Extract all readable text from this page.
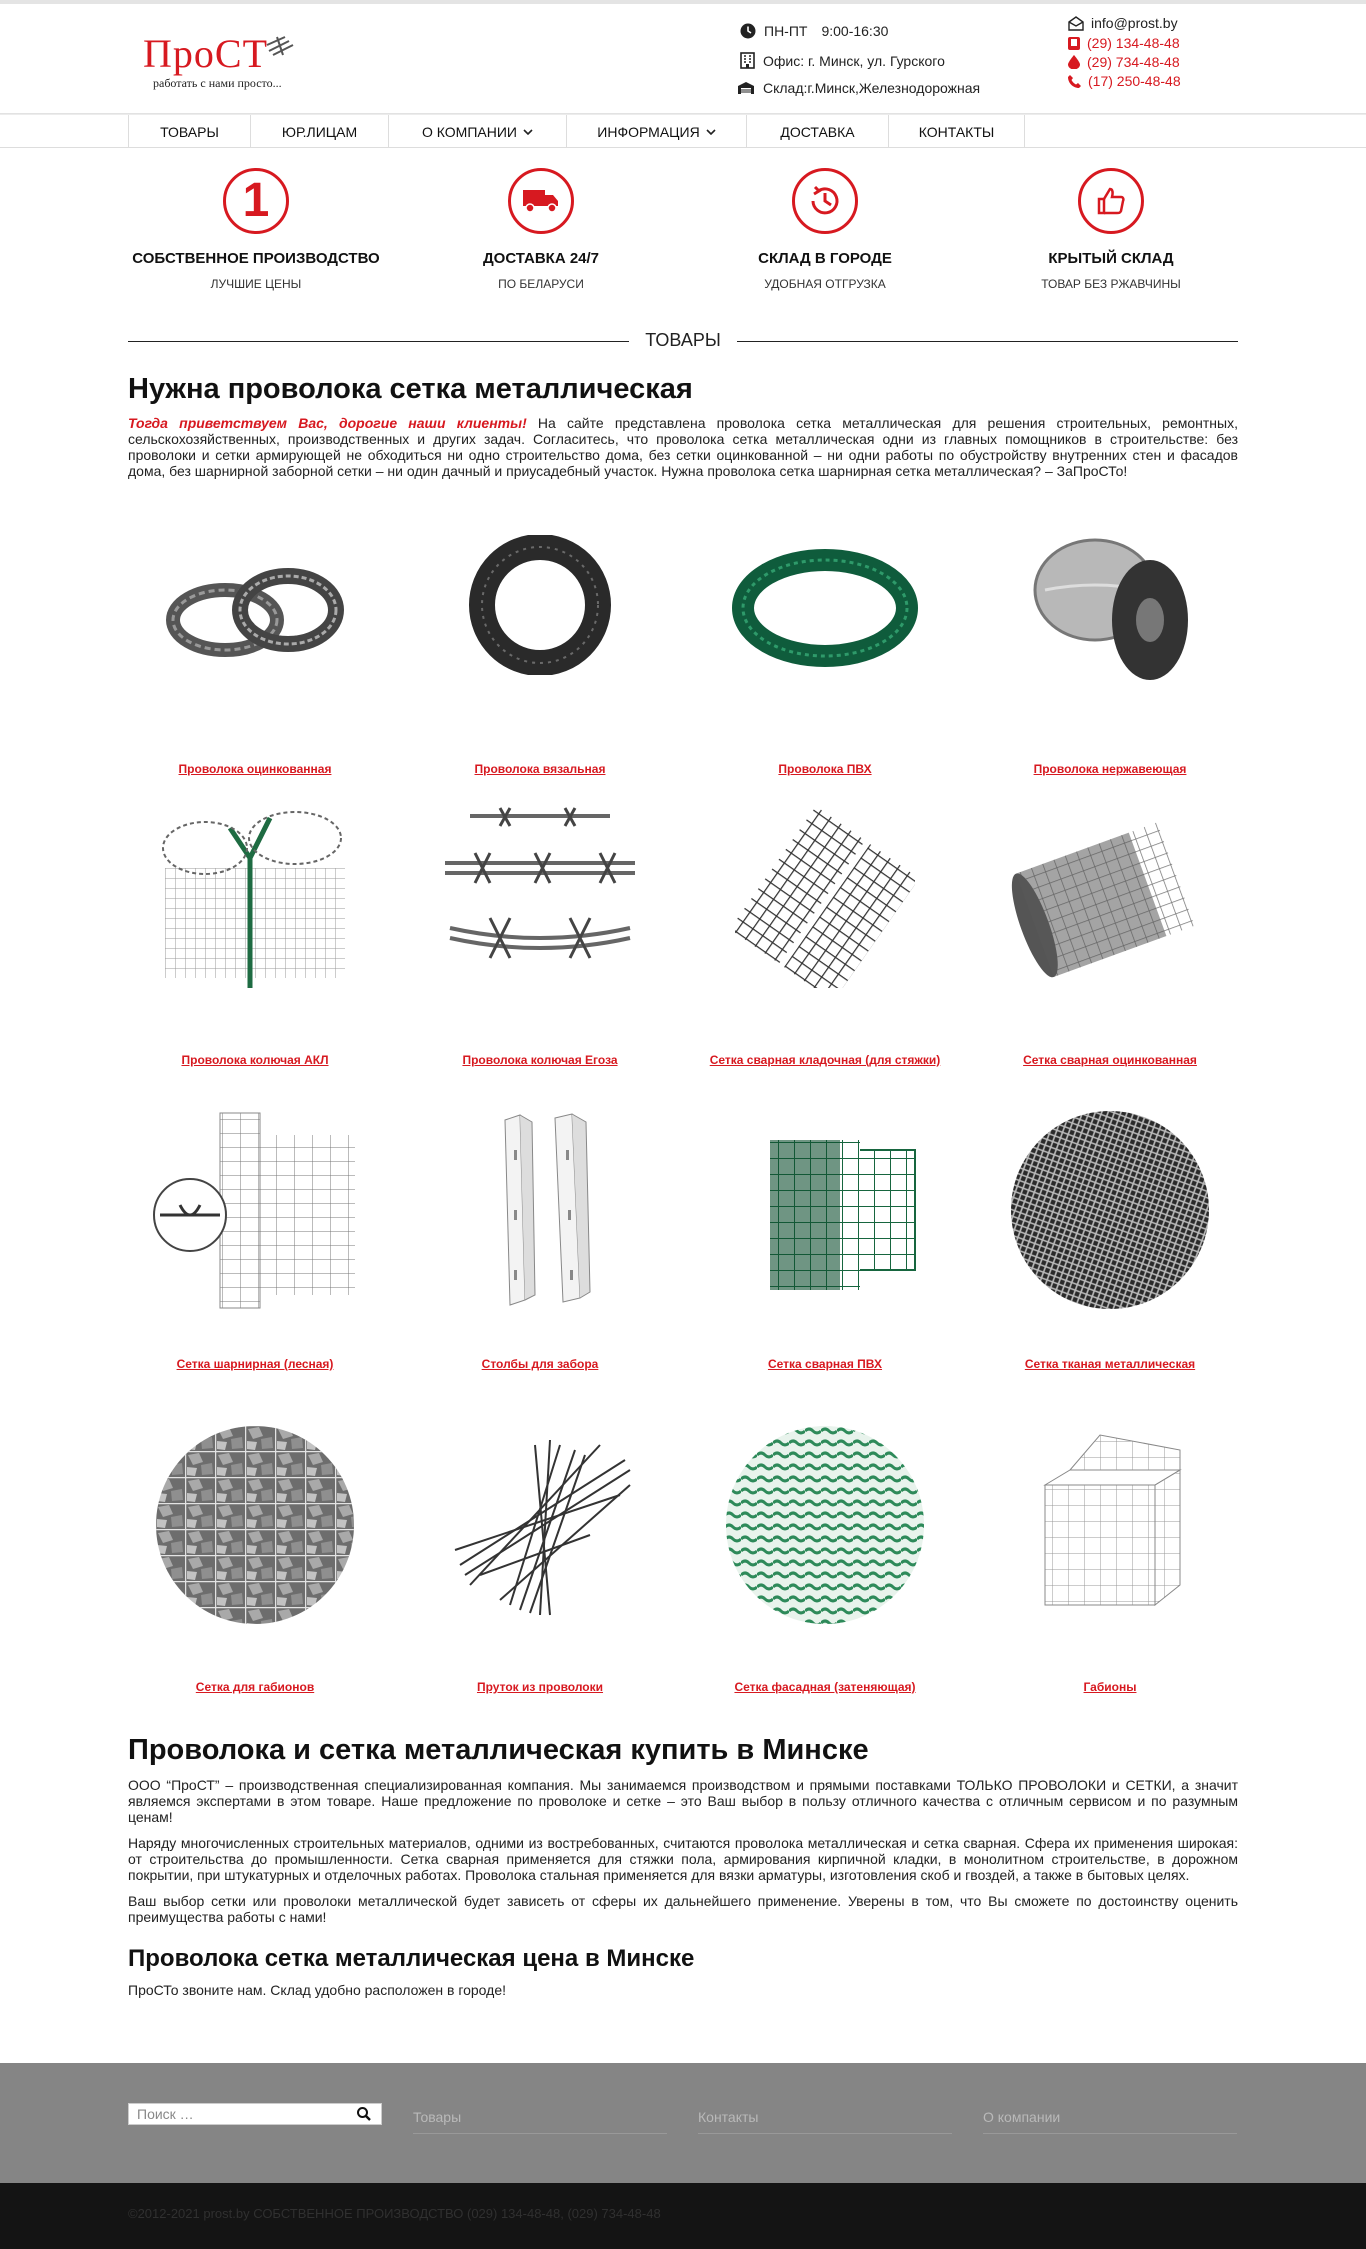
ПроСТ
работать с нами просто...
ПН-ПТ 9:00-16:30
Офис: г. Минск, ул. Гурского
Склад:г.Минск,Железнодорожная
info@prost.by
(29) 134-48-48
(29) 734-48-48
(17) 250-48-48
ТОВАРЫ	ЮР.ЛИЦАМ	О КОМПАНИИ	ИНФОРМАЦИЯ	ДОСТАВКА	КОНТАКТЫ
1
СОБСТВЕННОЕ ПРОИЗВОДСТВО
ЛУЧШИЕ ЦЕНЫ
ДОСТАВКА 24/7
ПО БЕЛАРУСИ
СКЛАД В ГОРОДЕ
УДОБНАЯ ОТГРУЗКА
КРЫТЫЙ СКЛАД
ТОВАР БЕЗ РЖАВЧИНЫ
ТОВАРЫ
Нужна проволока сетка металлическая

Тогда приветствуем Вас, дорогие наши клиенты! На сайте представлена проволока сетка металлическая для решения строительных, ремонтных, сельскохозяйственных, производственных и других задач. Согласитесь, что проволока сетка металлическая одни из главных помощников в строительстве: без проволоки и сетки армирующей не обходиться ни одно строительство дома, без сетки оцинкованной – ни одни работы по обустройству внутренних стен и фасадов дома, без шарнирной заборной сетки – ни один дачный и приусадебный участок. Нужна проволока сетка шарнирная сетка металлическая? – ЗаПроСТо!

Проволока оцинкованная	Проволока вязальная	Проволока ПВХ	Проволока нержавеющая
Проволока колючая АКЛ	Проволока колючая Егоза	Сетка сварная кладочная (для стяжки)	Сетка сварная оцинкованная
Сетка шарнирная (лесная)	Столбы для забора	Сетка сварная ПВХ	Сетка тканая металлическая
Сетка для габионов	Пруток из проволоки	Сетка фасадная (затеняющая)	Габионы
Проволока и сетка металлическая купить в Минске

ООО “ПроСТ” – производственная специализированная компания. Мы занимаемся производством и прямыми поставками ТОЛЬКО ПРОВОЛОКИ и СЕТКИ, а значит являемся экспертами в этом товаре. Наше предложение по проволоке и сетке – это Ваш выбор в пользу отличного качества с отличным сервисом и по разумным ценам!

Наряду многочисленных строительных материалов, одними из востребованных, считаются проволока металлическая и сетка сварная. Сфера их применения широкая: от строительства до промышленности. Сетка сварная применяется для стяжки пола, армирования кирпичной кладки, в монолитном строительстве, в дорожном покрытии, при штукатурных и отделочных работах. Проволока стальная применяется для вязки арматуры, изготовления скоб и гвоздей, а также в бытовых целях.

Ваш выбор сетки или проволоки металлической будет зависеть от сферы их дальнейшего применение. Уверены в том, что Вы сможете по достоинству оценить преимущества работы с нами!

Проволока сетка металлическая цена в Минске

ПроСТо звоните нам. Склад удобно расположен в городе!

Поиск …	Товары	Контакты	О компании
©2012-2021 prost.by СОБСТВЕННОЕ ПРОИЗВОДСТВО (029) 134-48-48, (029) 734-48-48
